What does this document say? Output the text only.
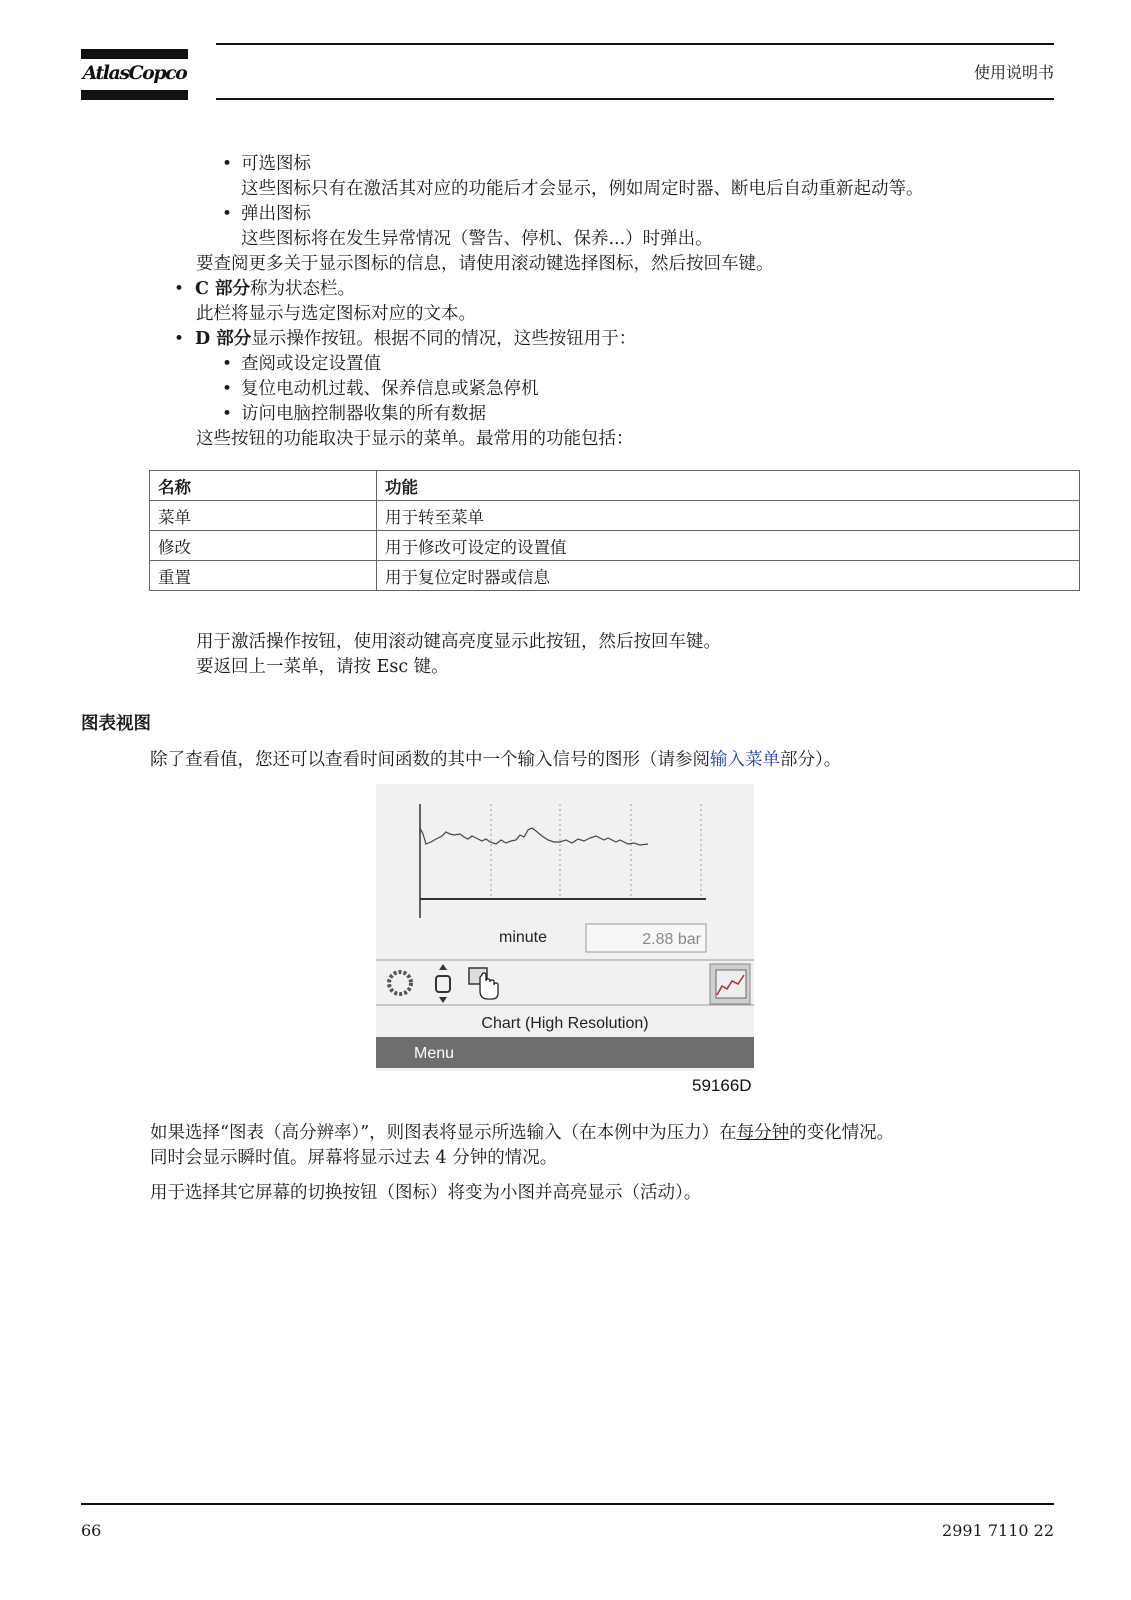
AtlasCopco	使用说明书
• 可选图标
这些图标只有在激活其对应的功能后才会显示，例如周定时器、断电后自动重新起动等。
• 弹出图标
这些图标将在发生异常情况（警告、停机、保养...）时弹出。
要查阅更多关于显示图标的信息，请使用滚动键选择图标，然后按回车键。
• C 部分称为状态栏。
此栏将显示与选定图标对应的文本。
• D 部分显示操作按钮。根据不同的情况，这些按钮用于：
• 查阅或设定设置值
• 复位电动机过载、保养信息或紧急停机
• 访问电脑控制器收集的所有数据
这些按钮的功能取决于显示的菜单。最常用的功能包括：
名称	功能
菜单	用于转至菜单
修改	用于修改可设定的设置值
重置	用于复位定时器或信息
用于激活操作按钮，使用滚动键高亮度显示此按钮，然后按回车键。
要返回上一菜单，请按 Esc 键。
图表视图
除了查看值，您还可以查看时间函数的其中一个输入信号的图形（请参阅输入菜单部分）。
minute	2.88 bar
Chart (High Resolution)
Menu
59166D
如果选择“图表（高分辨率）”，则图表将显示所选输入（在本例中为压力）在每分钟的变化情况。
同时会显示瞬时值。屏幕将显示过去 4 分钟的情况。
用于选择其它屏幕的切换按钮（图标）将变为小图并高亮显示（活动）。
66	2991 7110 22
